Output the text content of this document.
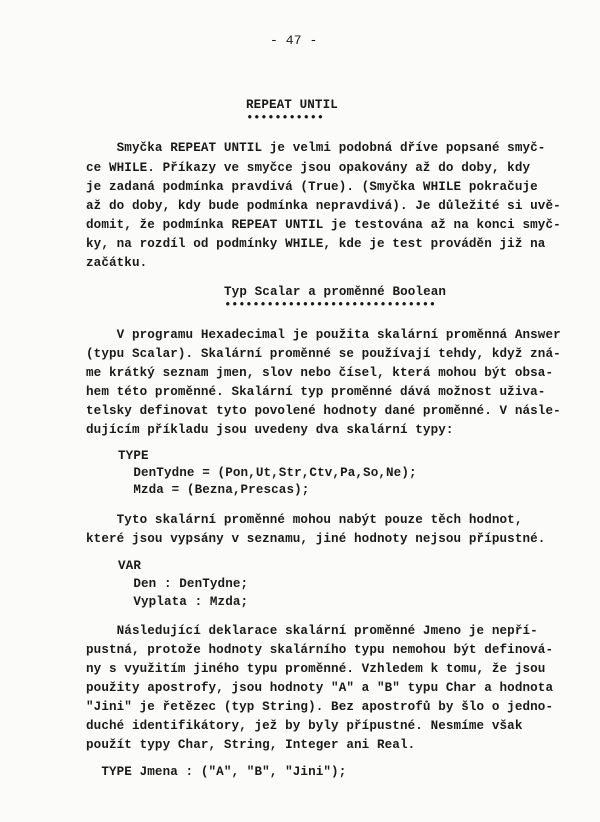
- 47 -
REPEAT UNTIL
•••••••••••
Smyčka REPEAT UNTIL je velmi podobná dříve popsané smyč-
ce WHILE. Příkazy ve smyčce jsou opakovány až do doby, kdy
je zadaná podmínka pravdivá (True). (Smyčka WHILE pokračuje
až do doby, kdy bude podmínka nepravdivá). Je důležité si uvě-
domit, že podmínka REPEAT UNTIL je testována až na konci smyč-
ky, na rozdíl od podmínky WHILE, kde je test prováděn již na
začátku.
Typ Scalar a proměnné Boolean
••••••••••••••••••••••••••••••
V programu Hexadecimal je použita skalární proměnná Answer
(typu Scalar). Skalární proměnné se používají tehdy, když zná-
me krátký seznam jmen, slov nebo čísel, která mohou být obsa-
hem této proměnné. Skalární typ proměnné dává možnost uživa-
telsky definovat tyto povolené hodnoty dané proměnné. V násle-
dujícím příkladu jsou uvedeny dva skalární typy:
TYPE
DenTydne = (Pon,Ut,Str,Ctv,Pa,So,Ne);
Mzda = (Bezna,Prescas);
Tyto skalární proměnné mohou nabýt pouze těch hodnot,
které jsou vypsány v seznamu, jiné hodnoty nejsou přípustné.
VAR
Den : DenTydne;
Vyplata : Mzda;
Následující deklarace skalární proměnné Jmeno je nepří-
pustná, protože hodnoty skalárního typu nemohou být definová-
ny s využitím jiného typu proměnné. Vzhledem k tomu, že jsou
použity apostrofy, jsou hodnoty "A" a "B" typu Char a hodnota
"Jini" je řetězec (typ String). Bez apostrofů by šlo o jedno-
duché identifikátory, jež by byly přípustné. Nesmíme však
použít typy Char, String, Integer ani Real.
TYPE Jmena : ("A", "B", "Jini");
